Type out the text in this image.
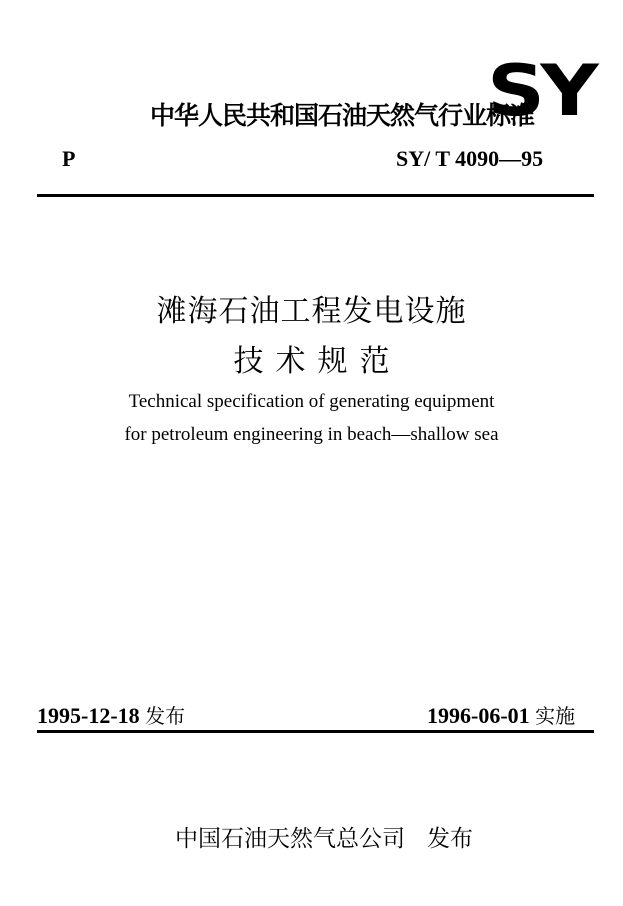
中华人民共和国石油天然气行业标准
SY
P	SY/ T 4090—95
滩海石油工程发电设施
技术规范
Technical specification of generating equipment
for petroleum engineering in beach—shallow sea
1995-12-18 发布	1996-06-01 实施
中国石油天然气总公司 发布
